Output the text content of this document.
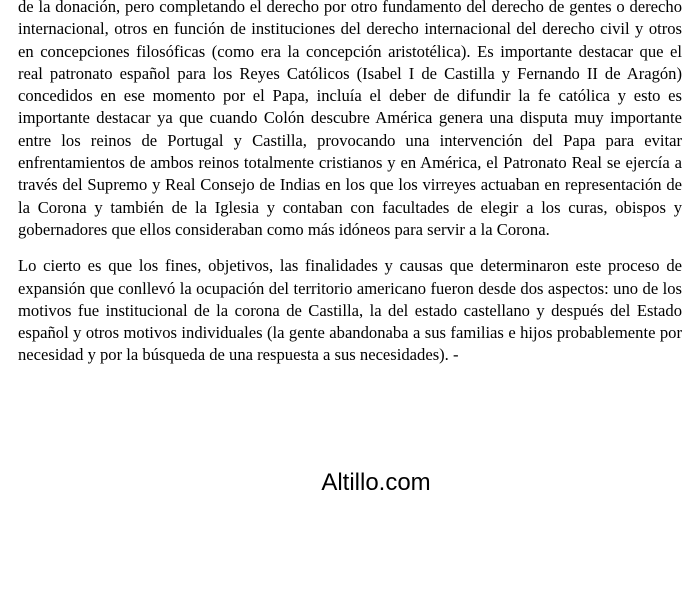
de la donación, pero completando el derecho por otro fundamento del derecho de gentes o derecho internacional, otros en función de instituciones del derecho internacional del derecho civil y otros en concepciones filosóficas (como era la concepción aristotélica). Es importante destacar que el real patronato español para los Reyes Católicos (Isabel I de Castilla y Fernando II de Aragón) concedidos en ese momento por el Papa, incluía el deber de difundir la fe católica y esto es importante destacar ya que cuando Colón descubre América genera una disputa muy importante entre los reinos de Portugal y Castilla, provocando una intervención del Papa para evitar enfrentamientos de ambos reinos totalmente cristianos y en América, el Patronato Real se ejercía a través del Supremo y Real Consejo de Indias en los que los virreyes actuaban en representación de la Corona y también de la Iglesia y contaban con facultades de elegir a los curas, obispos y gobernadores que ellos consideraban como más idóneos para servir a la Corona.

Lo cierto es que los fines, objetivos, las finalidades y causas que determinaron este proceso de expansión que conllevó la ocupación del territorio americano fueron desde dos aspectos: uno de los motivos fue institucional de la corona de Castilla, la del estado castellano y después del Estado español y otros motivos individuales (la gente abandonaba a sus familias e hijos probablemente por necesidad y por la búsqueda de una respuesta a sus necesidades). -

Altillo.com
